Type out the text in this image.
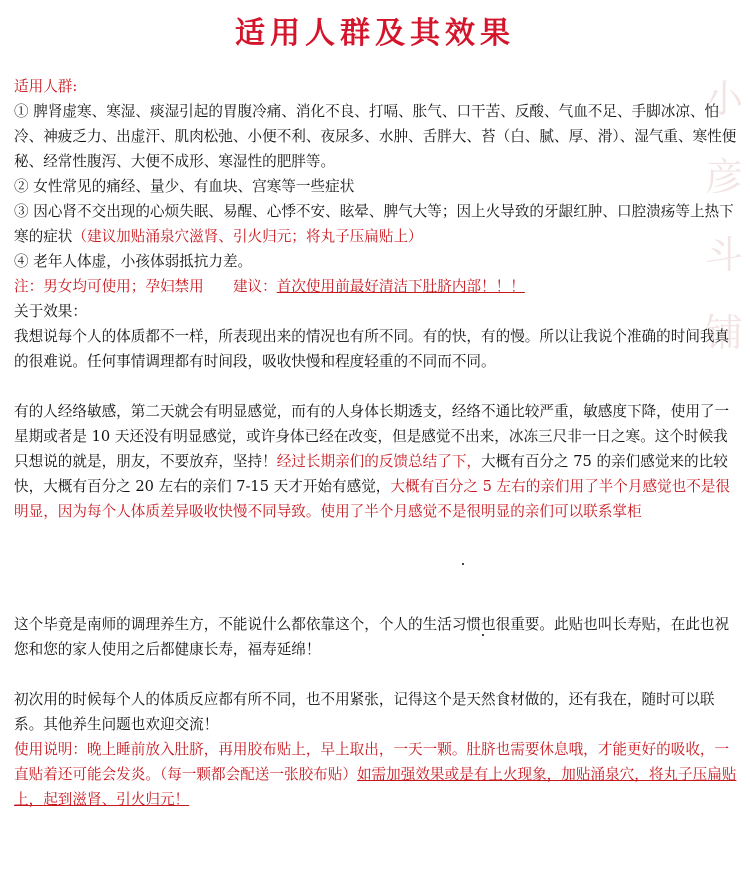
小
彦
斗
铺
适用人群及其效果

适用人群:

① 脾肾虚寒、寒湿、痰湿引起的胃腹冷痛、消化不良、打嗝、胀气、口干苦、反酸、气血不足、手脚冰凉、怕冷、神疲乏力、出虚汗、肌肉松弛、小便不利、夜尿多、水肿、舌胖大、苔（白、腻、厚、滑）、湿气重、寒性便秘、经常性腹泻、大便不成形、寒湿性的肥胖等。

② 女性常见的痛经、量少、有血块、宫寒等一些症状

③ 因心肾不交出现的心烦失眠、易醒、心悸不安、眩晕、脾气大等；因上火导致的牙龈红肿、口腔溃疡等上热下寒的症状（建议加贴涌泉穴滋肾、引火归元；将丸子压扁贴上）

④ 老年人体虚，小孩体弱抵抗力差。

注：男女均可使用；孕妇禁用　　 建议：首次使用前最好清洁下肚脐内部！！！

关于效果：

我想说每个人的体质都不一样，所表现出来的情况也有所不同。有的快，有的慢。所以让我说个准确的时间我真的很难说。任何事情调理都有时间段，吸收快慢和程度轻重的不同而不同。

有的人经络敏感，第二天就会有明显感觉，而有的人身体长期透支，经络不通比较严重，敏感度下降，使用了一星期或者是 10 天还没有明显感觉，或许身体已经在改变，但是感觉不出来，冰冻三尺非一日之寒。这个时候我只想说的就是，朋友，不要放弃，坚持！经过长期亲们的反馈总结了下，大概有百分之 75 的亲们感觉来的比较快，大概有百分之 20 左右的亲们 7-15 天才开始有感觉，大概有百分之 5 左右的亲们用了半个月感觉也不是很明显，因为每个人体质差异吸收快慢不同导致。使用了半个月感觉不是很明显的亲们可以联系掌柜

这个毕竟是南师的调理养生方，不能说什么都依靠这个，个人的生活习惯也很重要。此贴也叫长寿贴，在此也祝您和您的家人使用之后都健康长寿，福寿延绵！

初次用的时候每个人的体质反应都有所不同，也不用紧张，记得这个是天然食材做的，还有我在，随时可以联系。其他养生问题也欢迎交流！

使用说明：晚上睡前放入肚脐，再用胶布贴上，早上取出，一天一颗。肚脐也需要休息哦，才能更好的吸收，一直贴着还可能会发炎。（每一颗都会配送一张胶布贴）如需加强效果或是有上火现象，加贴涌泉穴，将丸子压扁贴上，起到滋肾、引火归元！
